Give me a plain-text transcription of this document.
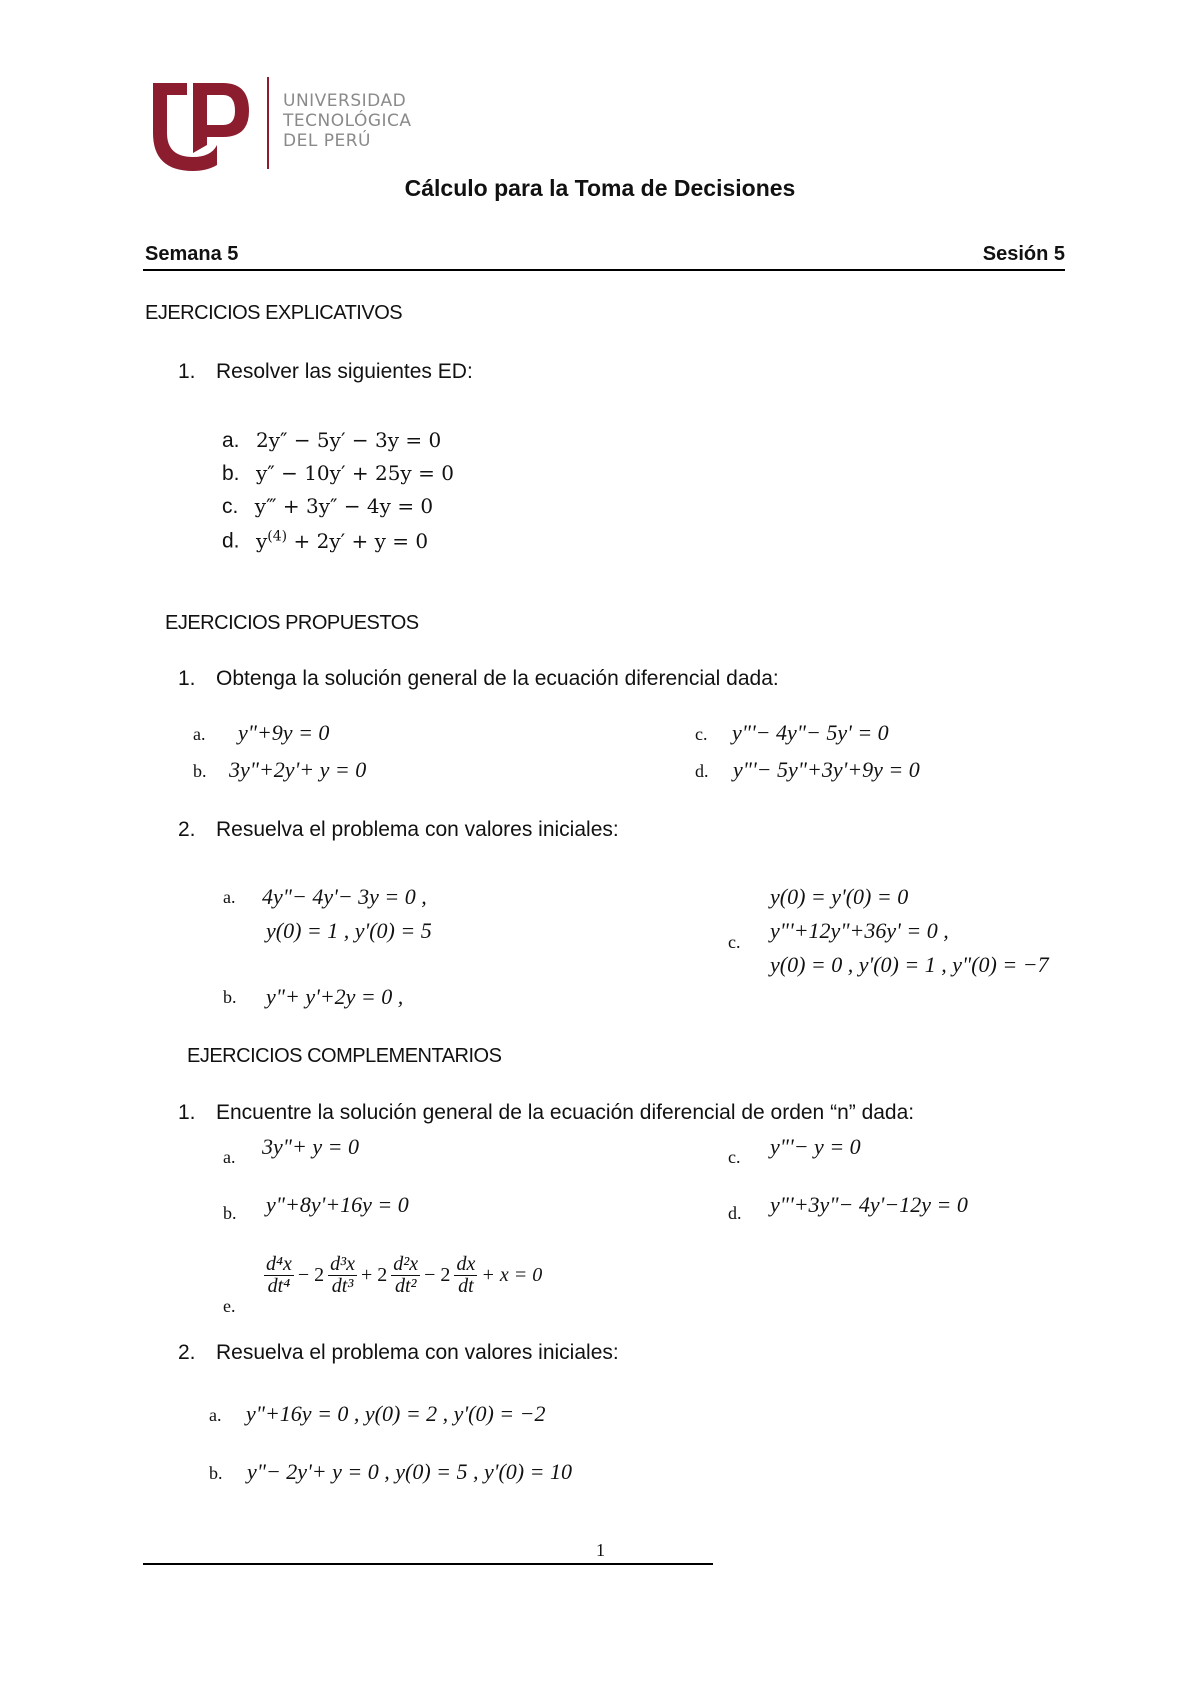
UNIVERSIDAD
TECNOLÓGICA
DEL PERÚ
Cálculo para la Toma de Decisiones
Semana 5	Sesión 5
EJERCICIOS EXPLICATIVOS
1. Resolver las siguientes ED:
a. 2y″ − 5y′ − 3y = 0
b. y″ − 10y′ + 25y = 0
c. y‴ + 3y″ − 4y = 0
d. $y^{(4)} + 2y' + y = 0$
EJERCICIOS PROPUESTOS
1. Obtenga la solución general de la ecuación diferencial dada:
a. y"+9y = 0
b. 3y"+2y'+ y = 0
c. y"'− 4y"− 5y' = 0
d. y"'− 5y"+3y'+9y = 0
2. Resuelva el problema con valores iniciales:
a. 4y"− 4y'− 3y = 0 ,
y(0) = 1 , y'(0) = 5
b. y"+ y'+2y = 0 ,
y(0) = y'(0) = 0
c. y"'+12y"+36y' = 0 ,
y(0) = 0 , y'(0) = 1 , y"(0) = −7
EJERCICIOS COMPLEMENTARIOS
1. Encuentre la solución general de la ecuación diferencial de orden “n” dada:
a. 3y"+ y = 0
b. y"+8y'+16y = 0
c. y"'− y = 0
d. y"'+3y"− 4y'−12y = 0
e.
$\frac{\text{d⁴x}}{\text{dt⁴}} - 2 \frac{\text{d³x}}{\text{dt³}} + 2 \frac{\text{d²x}}{\text{dt²}} - 2 \frac{dx}{dt} + x = 0$
2. Resuelva el problema con valores iniciales:
a. y"+16y = 0 , y(0) = 2 , y'(0) = −2
b. y"− 2y'+ y = 0 , y(0) = 5 , y'(0) = 10
1
